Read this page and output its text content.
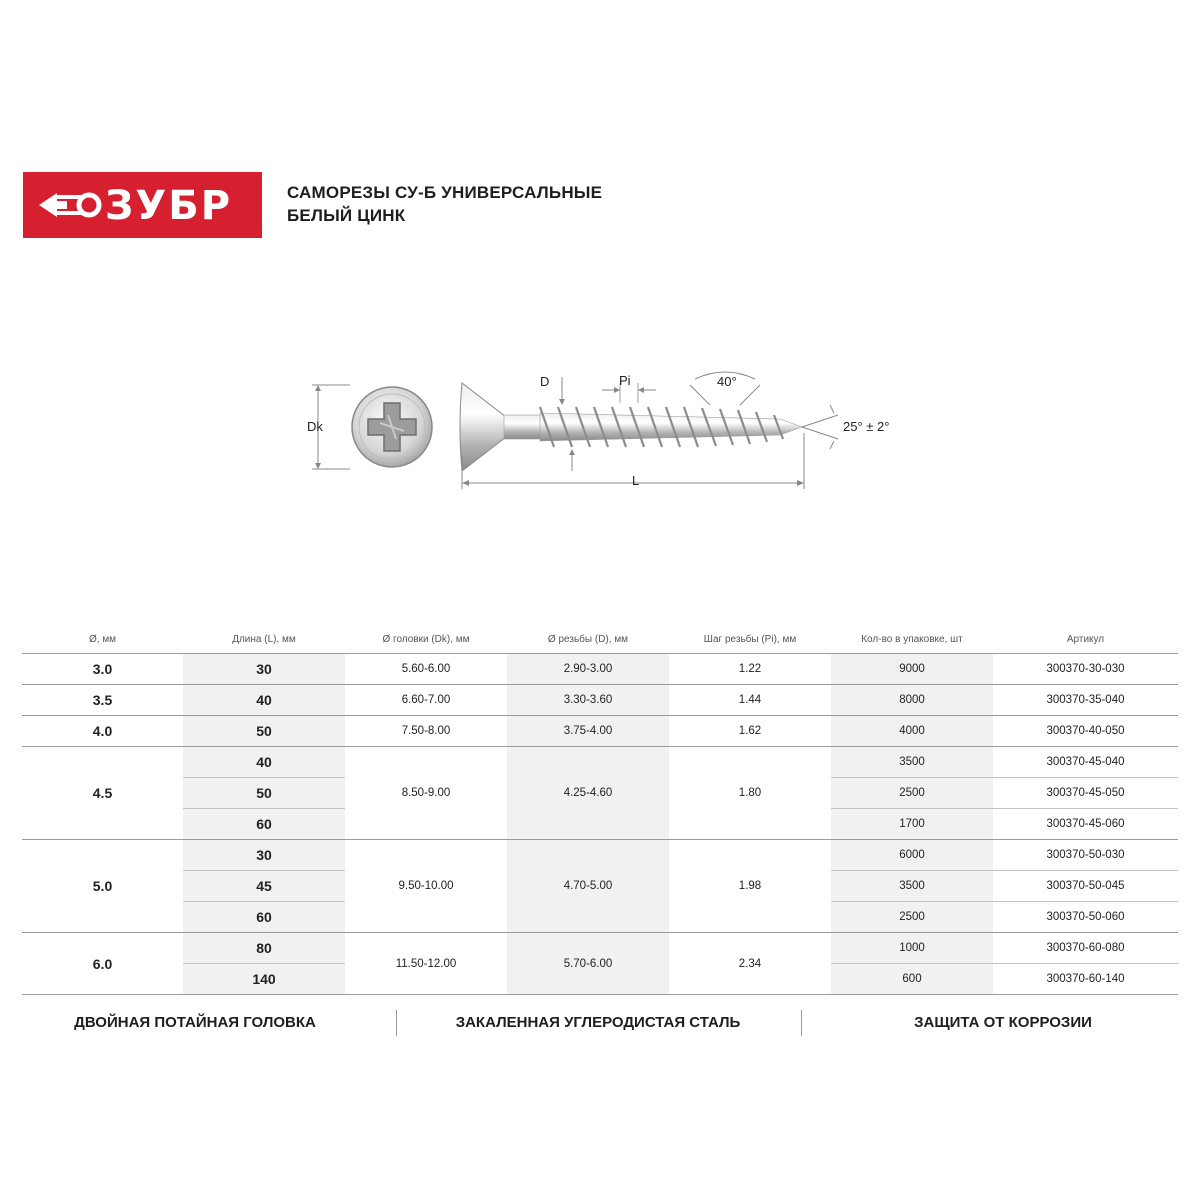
ЗУБР	САМОРЕЗЫ СУ-Б УНИВЕРСАЛЬНЫЕ
БЕЛЫЙ ЦИНК
Dk
D	Pi	40°
25° ± 2°
L
Ø, мм	Длина (L), мм	Ø головки (Dk), мм	Ø резьбы (D), мм	Шаг резьбы (Pi), мм	Кол-во в упаковке, шт	Артикул
3.0	30	5.60-6.00	2.90-3.00	1.22	9000	300370-30-030
3.5	40	6.60-7.00	3.30-3.60	1.44	8000	300370-35-040
4.0	50	7.50-8.00	3.75-4.00	1.62	4000	300370-40-050
4.5	40	8.50-9.00	4.25-4.60	1.80	3500	300370-45-040
	50				2500	300370-45-050
	60				1700	300370-45-060
5.0	30	9.50-10.00	4.70-5.00	1.98	6000	300370-50-030
	45				3500	300370-50-045
	60				2500	300370-50-060
6.0	80	11.50-12.00	5.70-6.00	2.34	1000	300370-60-080
	140				600	300370-60-140
ДВОЙНАЯ ПОТАЙНАЯ ГОЛОВКА	ЗАКАЛЕННАЯ УГЛЕРОДИСТАЯ СТАЛЬ	ЗАЩИТА ОТ КОРРОЗИИ
